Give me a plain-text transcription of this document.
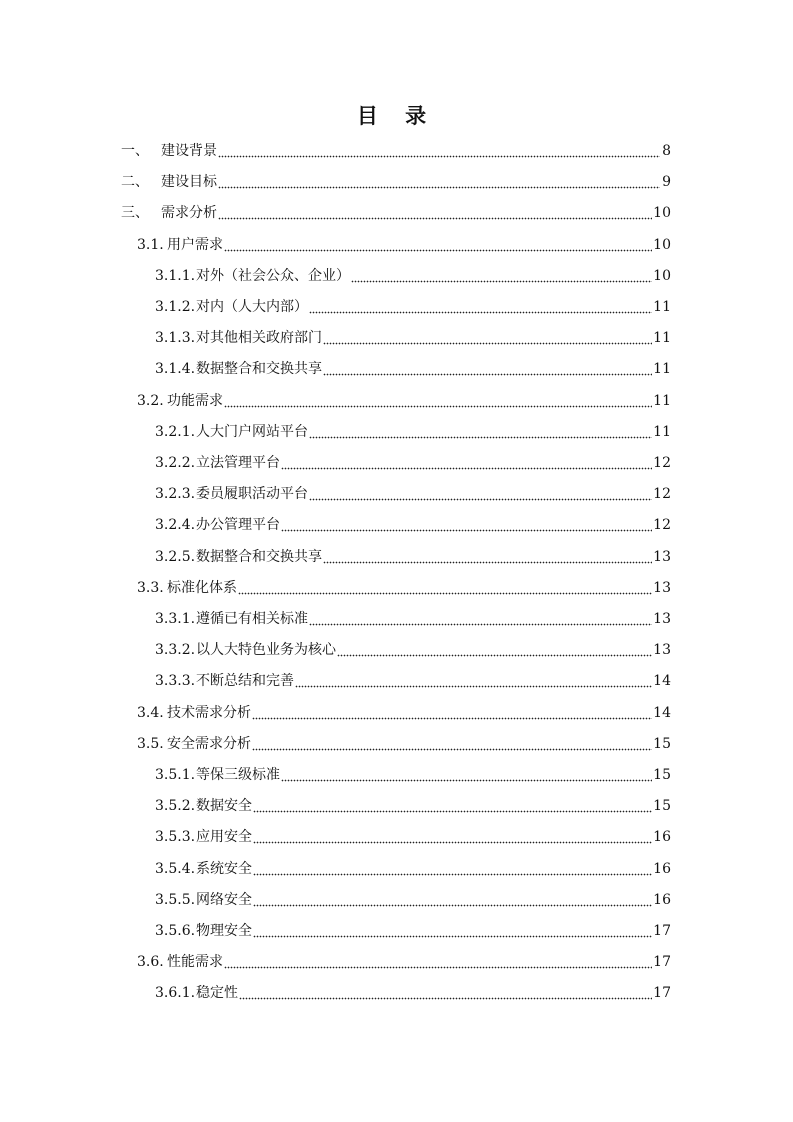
目 录
一、 建设背景	8
二、 建设目标	9
三、 需求分析	10
3.1. 用户需求	10
3.1.1. 对外（社会公众、企业）	10
3.1.2. 对内（人大内部）	11
3.1.3. 对其他相关政府部门	11
3.1.4. 数据整合和交换共享	11
3.2. 功能需求	11
3.2.1. 人大门户网站平台	11
3.2.2. 立法管理平台	12
3.2.3. 委员履职活动平台	12
3.2.4. 办公管理平台	12
3.2.5. 数据整合和交换共享	13
3.3. 标准化体系	13
3.3.1. 遵循已有相关标准	13
3.3.2. 以人大特色业务为核心	13
3.3.3. 不断总结和完善	14
3.4. 技术需求分析	14
3.5. 安全需求分析	15
3.5.1. 等保三级标准	15
3.5.2. 数据安全	15
3.5.3. 应用安全	16
3.5.4. 系统安全	16
3.5.5. 网络安全	16
3.5.6. 物理安全	17
3.6. 性能需求	17
3.6.1. 稳定性	17
